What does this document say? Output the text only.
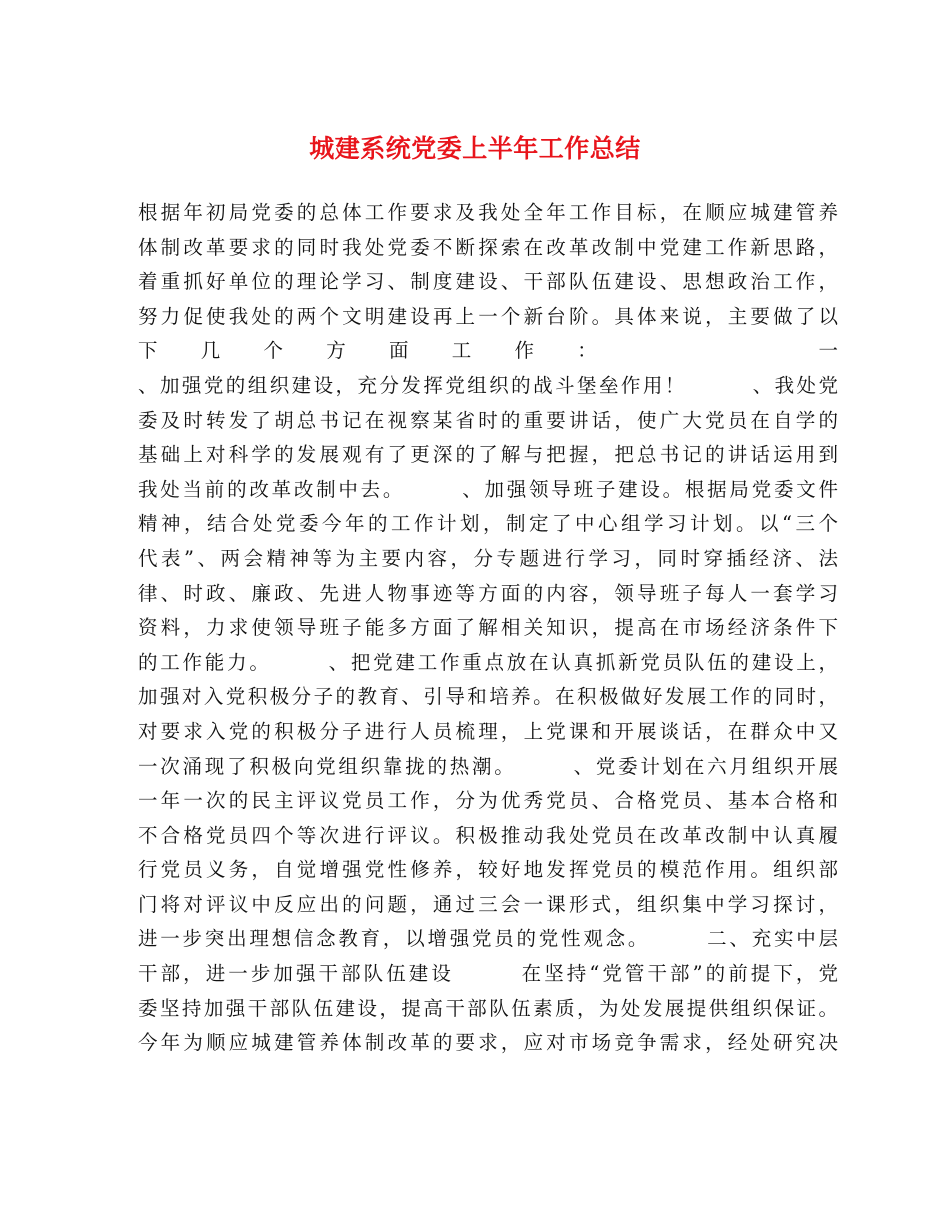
城建系统党委上半年工作总结
根据年初局党委的总体工作要求及我处全年工作目标，在顺应城建管养
体制改革要求的同时我处党委不断探索在改革改制中党建工作新思路，
着重抓好单位的理论学习、制度建设、干部队伍建设、思想政治工作，
努力促使我处的两个文明建设再上一个新台阶。具体来说，主要做了以
下几个方面工作：　　　一
、加强党的组织建设，充分发挥党组织的战斗堡垒作用！　　　、我处党
委及时转发了胡总书记在视察某省时的重要讲话，使广大党员在自学的
基础上对科学的发展观有了更深的了解与把握，把总书记的讲话运用到
我处当前的改革改制中去。　　　、加强领导班子建设。根据局党委文件
精神，结合处党委今年的工作计划，制定了中心组学习计划。以“三个
代表”、两会精神等为主要内容，分专题进行学习，同时穿插经济、法
律、时政、廉政、先进人物事迹等方面的内容，领导班子每人一套学习
资料，力求使领导班子能多方面了解相关知识，提高在市场经济条件下
的工作能力。　　　、把党建工作重点放在认真抓新党员队伍的建设上，
加强对入党积极分子的教育、引导和培养。在积极做好发展工作的同时，
对要求入党的积极分子进行人员梳理，上党课和开展谈话，在群众中又
一次涌现了积极向党组织靠拢的热潮。　　　、党委计划在六月组织开展
一年一次的民主评议党员工作，分为优秀党员、合格党员、基本合格和
不合格党员四个等次进行评议。积极推动我处党员在改革改制中认真履
行党员义务，自觉增强党性修养，较好地发挥党员的模范作用。组织部
门将对评议中反应出的问题，通过三会一课形式，组织集中学习探讨，
进一步突出理想信念教育，以增强党员的党性观念。　　　二、充实中层
干部，进一步加强干部队伍建设　　　在坚持“党管干部”的前提下，党
委坚持加强干部队伍建设，提高干部队伍素质，为处发展提供组织保证。
今年为顺应城建管养体制改革的要求，应对市场竞争需求，经处研究决
